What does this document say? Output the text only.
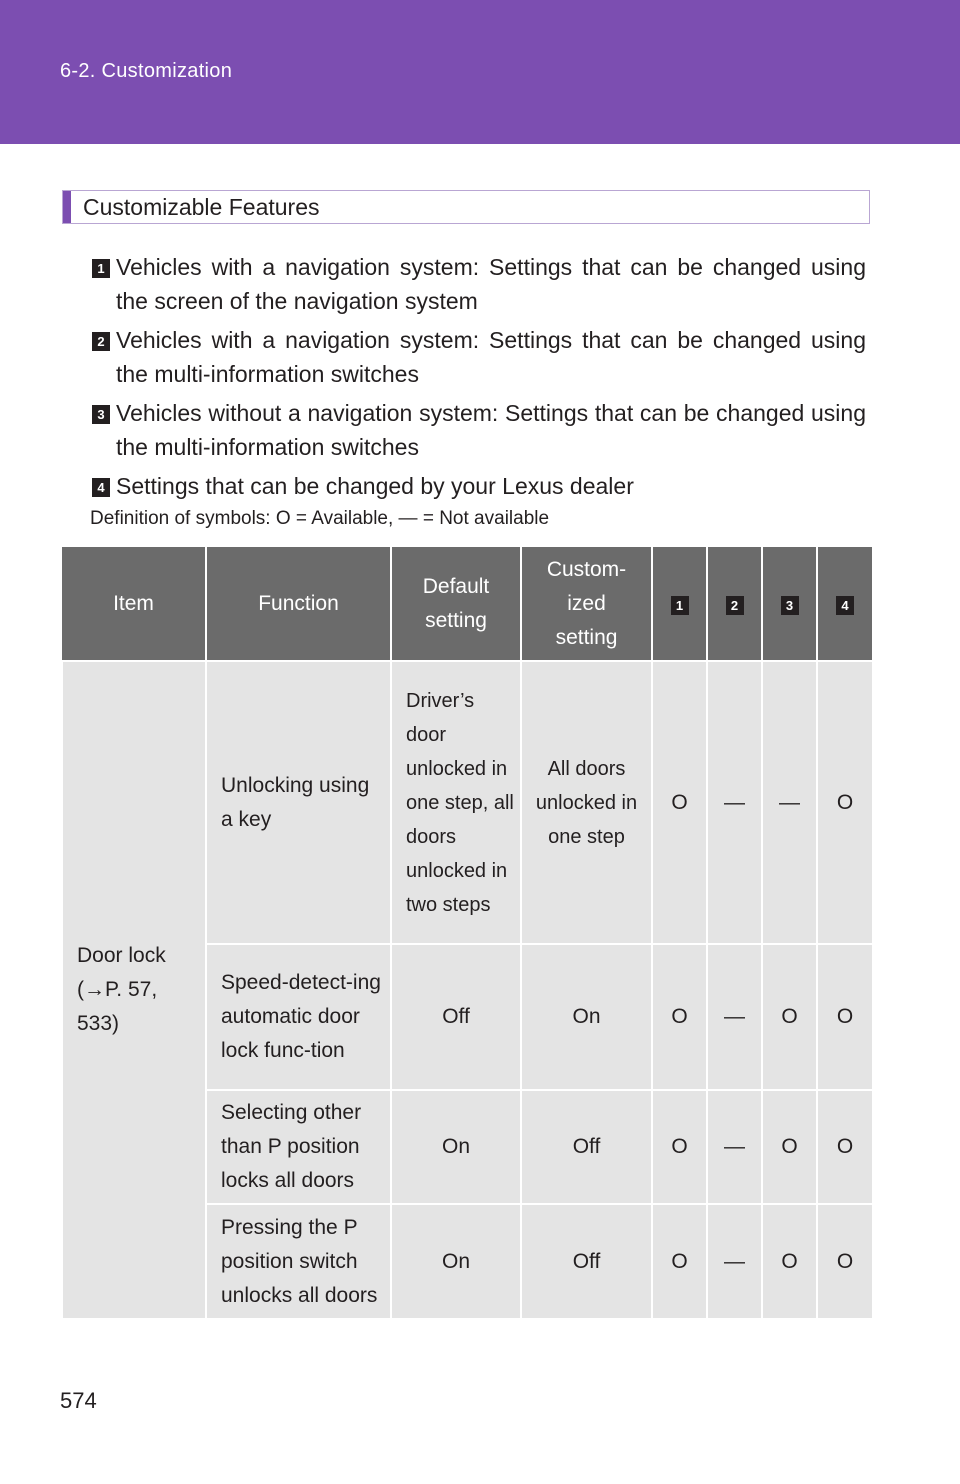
6-2. Customization
Customizable Features
1 Vehicles with a navigation system: Settings that can be changed using the screen of the navigation system
2 Vehicles with a navigation system: Settings that can be changed using the multi-information switches
3 Vehicles without a navigation system: Settings that can be changed using the multi-information switches
4 Settings that can be changed by your Lexus dealer
Definition of symbols: O = Available, — = Not available
Item	Function	Default setting	Custom-ized setting	1	2	3	4

Door lock (→P. 57, 533)	Unlocking using a key	Driver’s door unlocked in one step, all doors unlocked in two steps	All doors unlocked in one step	O	—	—	O

	Speed-detect-ing automatic door lock func-tion	Off	On	O	—	O	O

	Selecting other than P position locks all doors	On	Off	O	—	O	O

	Pressing the P position switch unlocks all doors	On	Off	O	—	O	O
574
